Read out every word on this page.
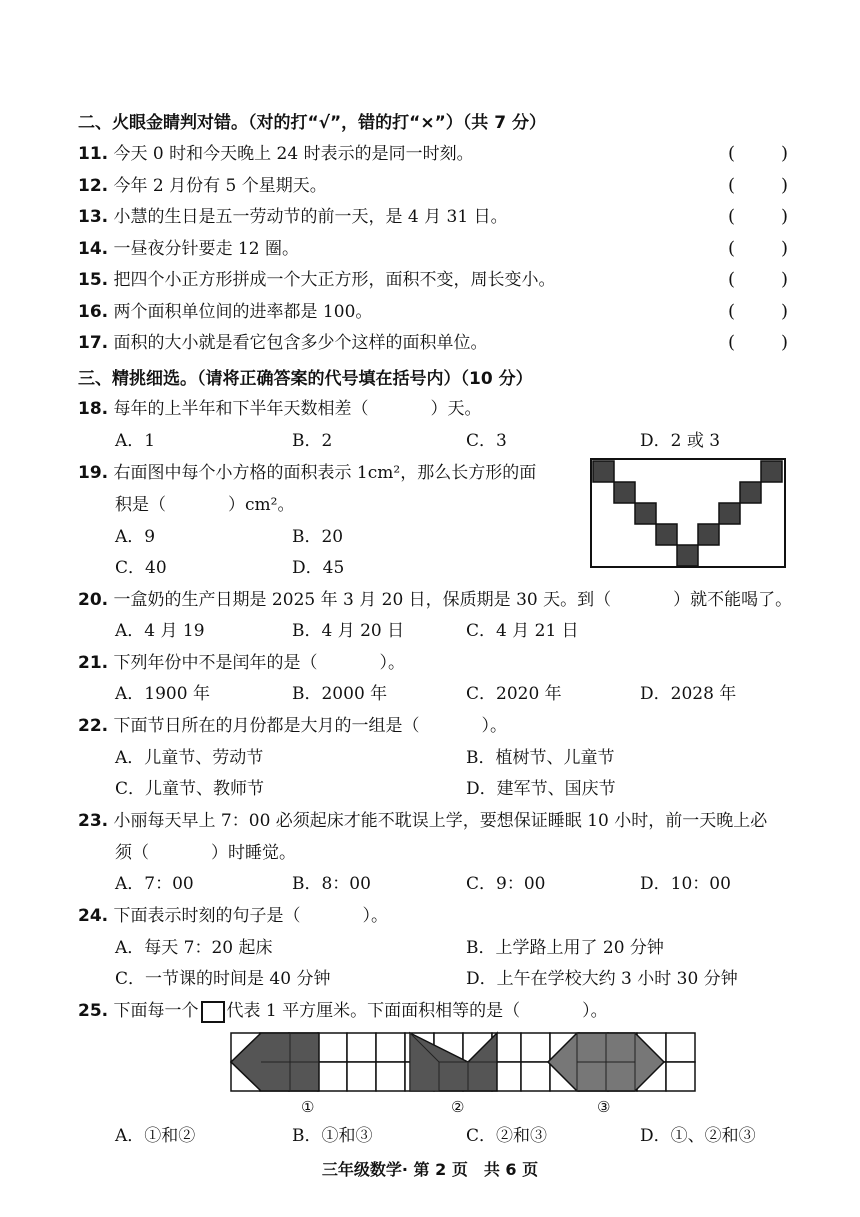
二、火眼金睛判对错。（对的打“√”，错的打“×”）（共 7 分）
11. 今天 0 时和今天晚上 24 时表示的是同一时刻。	(	)
12. 今年 2 月份有 5 个星期天。	(	)
13. 小慧的生日是五一劳动节的前一天，是 4 月 31 日。	(	)
14. 一昼夜分针要走 12 圈。	(	)
15. 把四个小正方形拼成一个大正方形，面积不变，周长变小。	(	)
16. 两个面积单位间的进率都是 100。	(	)
17. 面积的大小就是看它包含多少个这样的面积单位。	(	)
三、精挑细选。（请将正确答案的代号填在括号内）（10 分）
18. 每年的上半年和下半年天数相差（	）天。
A．1	B．2	C．3	D．2 或 3
19. 右面图中每个小方格的面积表示 1cm²，那么长方形的面
积是（	）cm²。
A．9	B．20
C．40	D．45
20. 一盒奶的生产日期是 2025 年 3 月 20 日，保质期是 30 天。到（	）就不能喝了。
A．4 月 19	B．4 月 20 日	C．4 月 21 日
21. 下列年份中不是闰年的是（	）。
A．1900 年	B．2000 年	C．2020 年	D．2028 年
22. 下面节日所在的月份都是大月的一组是（	）。
A．儿童节、劳动节	B．植树节、儿童节
C．儿童节、教师节	D．建军节、国庆节
23. 小丽每天早上 7：00 必须起床才能不耽误上学，要想保证睡眠 10 小时，前一天晚上必
须（	）时睡觉。
A．7：00	B．8：00	C．9：00	D．10：00
24. 下面表示时刻的句子是（	）。
A．每天 7：20 起床	B．上学路上用了 20 分钟
C．一节课的时间是 40 分钟	D．上午在学校大约 3 小时 30 分钟
25. 下面每一个 代表 1 平方厘米。下面面积相等的是（	）。
①	②	③
A．①和②	B．①和③	C．②和③	D．①、②和③
三年级数学· 第 2 页　共 6 页
